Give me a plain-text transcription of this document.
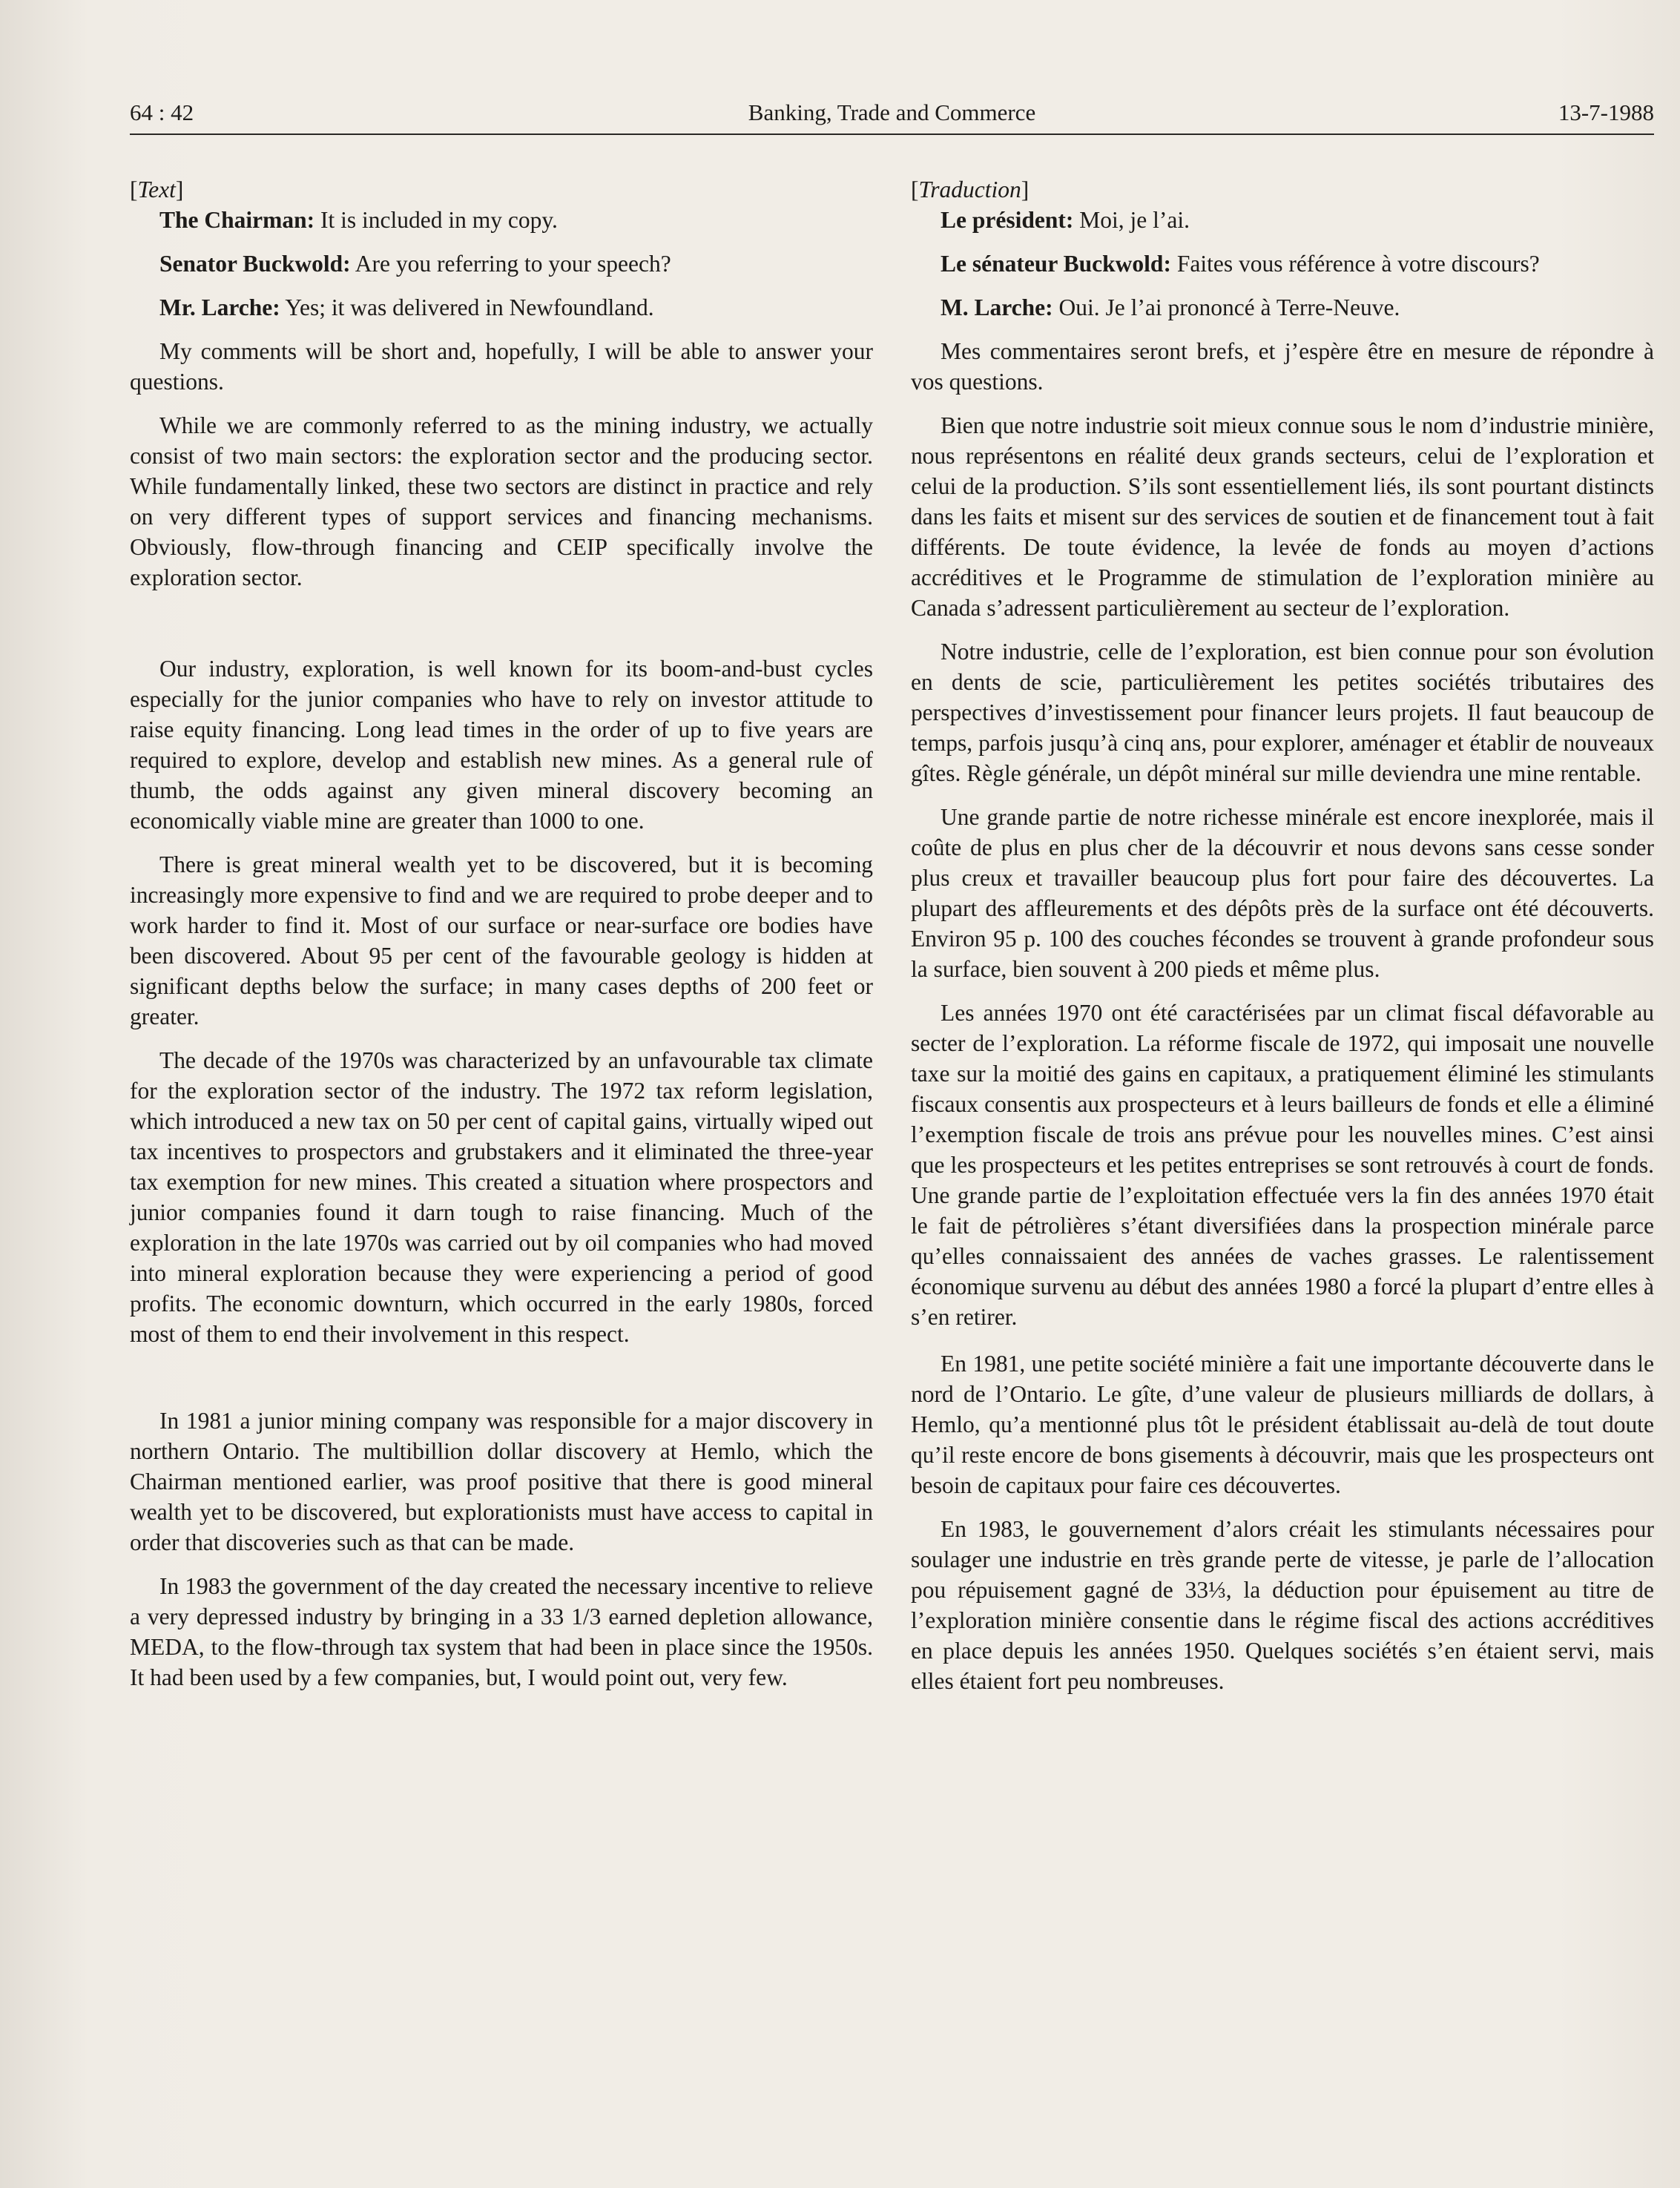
64 : 42	Banking, Trade and Commerce	13-7-1988

[Text]

The Chairman: It is included in my copy.

Senator Buckwold: Are you referring to your speech?

Mr. Larche: Yes; it was delivered in Newfoundland.

My comments will be short and, hopefully, I will be able to answer your questions.

While we are commonly referred to as the mining industry, we actually consist of two main sectors: the exploration sector and the producing sector. While fundamentally linked, these two sectors are distinct in practice and rely on very different types of support services and financing mechanisms. Obviously, flow-through financing and CEIP specifically involve the exploration sector.

Our industry, exploration, is well known for its boom-and-bust cycles especially for the junior companies who have to rely on investor attitude to raise equity financing. Long lead times in the order of up to five years are required to explore, develop and establish new mines. As a general rule of thumb, the odds against any given mineral discovery becoming an economically viable mine are greater than 1000 to one.

There is great mineral wealth yet to be discovered, but it is becoming increasingly more expensive to find and we are required to probe deeper and to work harder to find it. Most of our surface or near-surface ore bodies have been discovered. About 95 per cent of the favourable geology is hidden at significant depths below the surface; in many cases depths of 200 feet or greater.

The decade of the 1970s was characterized by an unfavourable tax climate for the exploration sector of the industry. The 1972 tax reform legislation, which introduced a new tax on 50 per cent of capital gains, virtually wiped out tax incentives to prospectors and grubstakers and it eliminated the three-year tax exemption for new mines. This created a situation where prospectors and junior companies found it darn tough to raise financing. Much of the exploration in the late 1970s was carried out by oil companies who had moved into mineral exploration because they were experiencing a period of good profits. The economic downturn, which occurred in the early 1980s, forced most of them to end their involvement in this respect.

In 1981 a junior mining company was responsible for a major discovery in northern Ontario. The multibillion dollar discovery at Hemlo, which the Chairman mentioned earlier, was proof positive that there is good mineral wealth yet to be discovered, but explorationists must have access to capital in order that discoveries such as that can be made.

In 1983 the government of the day created the necessary incentive to relieve a very depressed industry by bringing in a 33 1/3 earned depletion allowance, MEDA, to the flow-through tax system that had been in place since the 1950s. It had been used by a few companies, but, I would point out, very few.

[Traduction]

Le président: Moi, je l’ai.

Le sénateur Buckwold: Faites vous référence à votre discours?

M. Larche: Oui. Je l’ai prononcé à Terre-Neuve.

Mes commentaires seront brefs, et j’espère être en mesure de répondre à vos questions.

Bien que notre industrie soit mieux connue sous le nom d’industrie minière, nous représentons en réalité deux grands secteurs, celui de l’exploration et celui de la production. S’ils sont essentiellement liés, ils sont pourtant distincts dans les faits et misent sur des services de soutien et de financement tout à fait différents. De toute évidence, la levée de fonds au moyen d’actions accréditives et le Programme de stimulation de l’exploration minière au Canada s’adressent particulièrement au secteur de l’exploration.

Notre industrie, celle de l’exploration, est bien connue pour son évolution en dents de scie, particulièrement les petites sociétés tributaires des perspectives d’investissement pour financer leurs projets. Il faut beaucoup de temps, parfois jusqu’à cinq ans, pour explorer, aménager et établir de nouveaux gîtes. Règle générale, un dépôt minéral sur mille deviendra une mine rentable.

Une grande partie de notre richesse minérale est encore inexplorée, mais il coûte de plus en plus cher de la découvrir et nous devons sans cesse sonder plus creux et travailler beaucoup plus fort pour faire des découvertes. La plupart des affleurements et des dépôts près de la surface ont été découverts. Environ 95 p. 100 des couches fécondes se trouvent à grande profondeur sous la surface, bien souvent à 200 pieds et même plus.

Les années 1970 ont été caractérisées par un climat fiscal défavorable au secter de l’exploration. La réforme fiscale de 1972, qui imposait une nouvelle taxe sur la moitié des gains en capitaux, a pratiquement éliminé les stimulants fiscaux consentis aux prospecteurs et à leurs bailleurs de fonds et elle a éliminé l’exemption fiscale de trois ans prévue pour les nouvelles mines. C’est ainsi que les prospecteurs et les petites entreprises se sont retrouvés à court de fonds. Une grande partie de l’exploitation effectuée vers la fin des années 1970 était le fait de pétrolières s’étant diversifiées dans la prospection minérale parce qu’elles connaissaient des années de vaches grasses. Le ralentissement économique survenu au début des années 1980 a forcé la plupart d’entre elles à s’en retirer.

En 1981, une petite société minière a fait une importante découverte dans le nord de l’Ontario. Le gîte, d’une valeur de plusieurs milliards de dollars, à Hemlo, qu’a mentionné plus tôt le président établissait au-delà de tout doute qu’il reste encore de bons gisements à découvrir, mais que les prospecteurs ont besoin de capitaux pour faire ces découvertes.

En 1983, le gouvernement d’alors créait les stimulants nécessaires pour soulager une industrie en très grande perte de vitesse, je parle de l’allocation pou répuisement gagné de 33⅓, la déduction pour épuisement au titre de l’exploration minière consentie dans le régime fiscal des actions accréditives en place depuis les années 1950. Quelques sociétés s’en étaient servi, mais elles étaient fort peu nombreuses.
